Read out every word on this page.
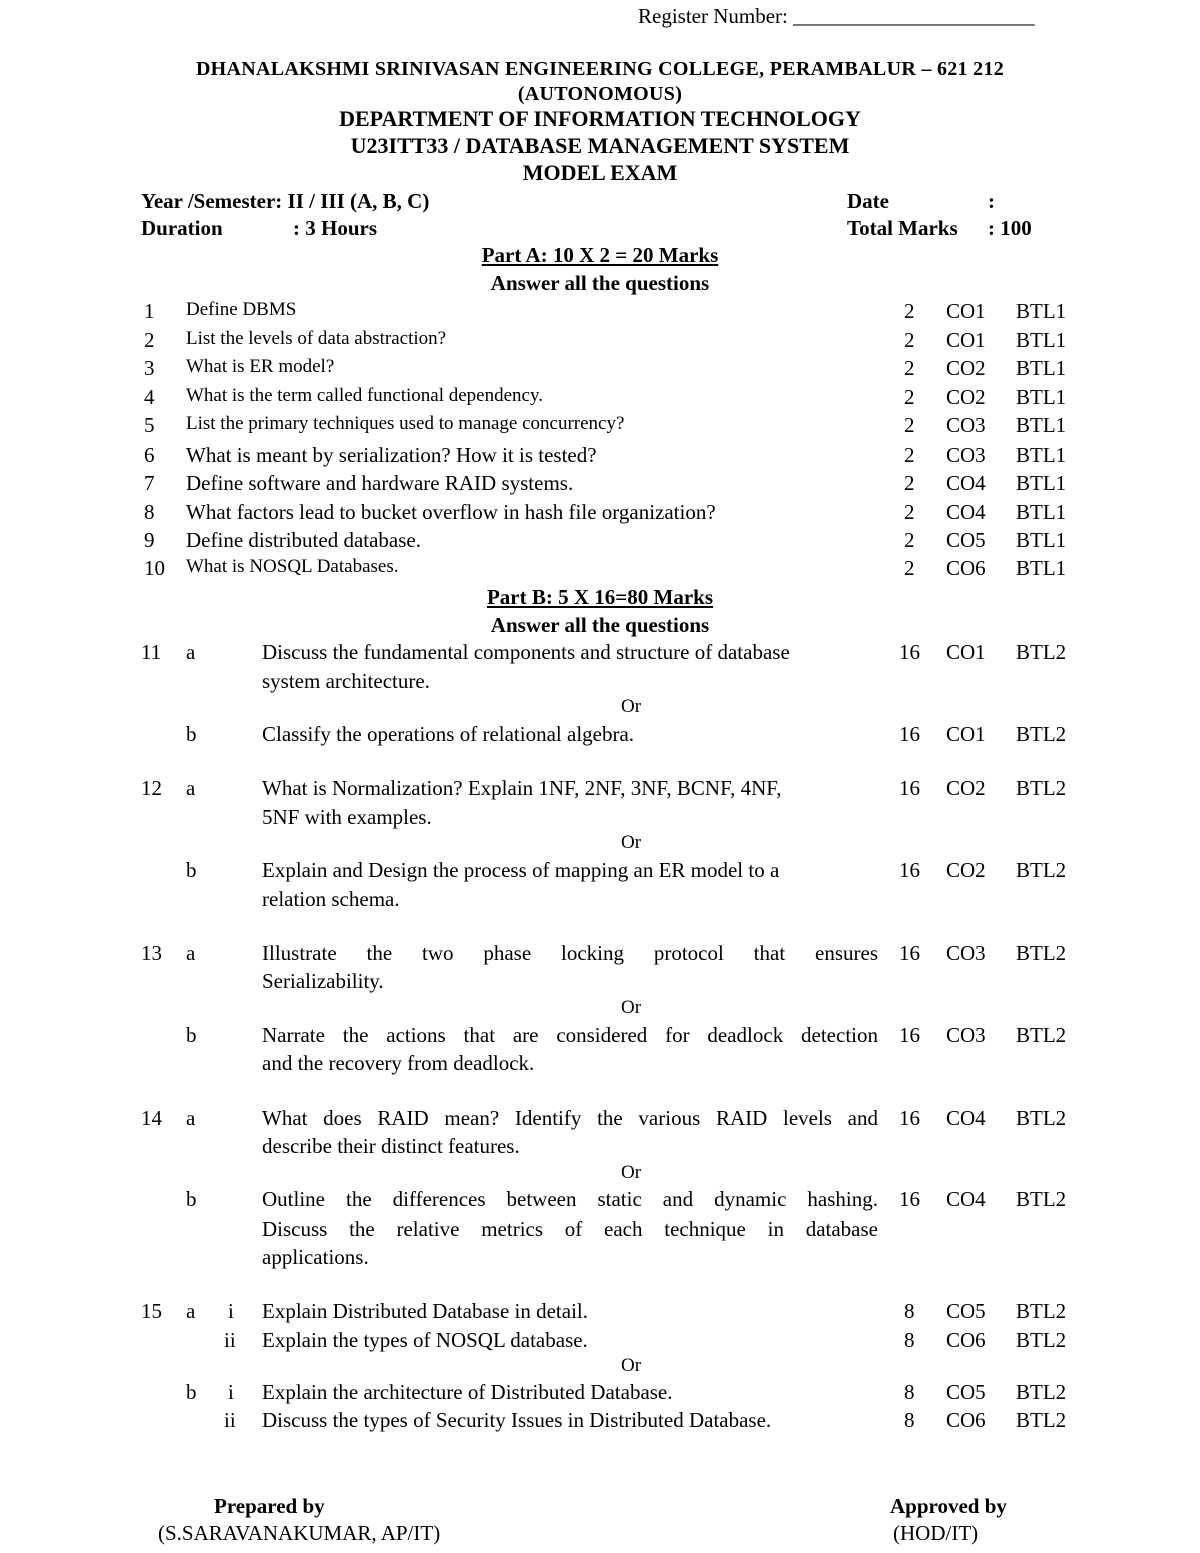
Register Number: _______________________
DHANALAKSHMI SRINIVASAN ENGINEERING COLLEGE, PERAMBALUR – 621 212
(AUTONOMOUS)
DEPARTMENT OF INFORMATION TECHNOLOGY
U23ITT33 / DATABASE MANAGEMENT SYSTEM
MODEL EXAM
Year /Semester: II / III (A, B, C)
Duration	: 3 Hours
Date	:
Total Marks : 100
Part A: 10 X 2 = 20 Marks
Answer all the questions
1 Define DBMS	2 CO1 BTL1
2 List the levels of data abstraction?	2 CO1 BTL1
3 What is ER model?	2 CO2 BTL1
4 What is the term called functional dependency.	2 CO2 BTL1
5 List the primary techniques used to manage concurrency?	2 CO3 BTL1
6 What is meant by serialization? How it is tested?	2 CO3 BTL1
7 Define software and hardware RAID systems.	2 CO4 BTL1
8 What factors lead to bucket overflow in hash file organization?	2 CO4 BTL1
9 Define distributed database.	2 CO5 BTL1
10 What is NOSQL Databases.	2 CO6 BTL1
Part B: 5 X 16=80 Marks
Answer all the questions
11 a	Discuss the fundamental components and structure of database
system architecture.
16 CO1 BTL2
Or
b	Classify the operations of relational algebra.	16 CO1 BTL2
12 a	What is Normalization? Explain 1NF, 2NF, 3NF, BCNF, 4NF,
5NF with examples.
16 CO2 BTL2
Or
b	Explain and Design the process of mapping an ER model to a
relation schema.
16 CO2 BTL2
13 a	Illustrate the two phase locking protocol that ensures
Serializability.
16 CO3 BTL2
Or
b	Narrate the actions that are considered for deadlock detection
and the recovery from deadlock.
16 CO3 BTL2
14 a	What does RAID mean? Identify the various RAID levels and
describe their distinct features.
16 CO4 BTL2
Or
b	Outline the differences between static and dynamic hashing.
Discuss the relative metrics of each technique in database
applications.
16 CO4 BTL2
15 a i Explain Distributed Database in detail.	8 CO5 BTL2
ii Explain the types of NOSQL database.	8 CO6 BTL2
Or
b i Explain the architecture of Distributed Database.	8 CO5 BTL2
ii Discuss the types of Security Issues in Distributed Database.	8 CO6 BTL2
Prepared by
(S.SARAVANAKUMAR, AP/IT)
Approved by
(HOD/IT)
